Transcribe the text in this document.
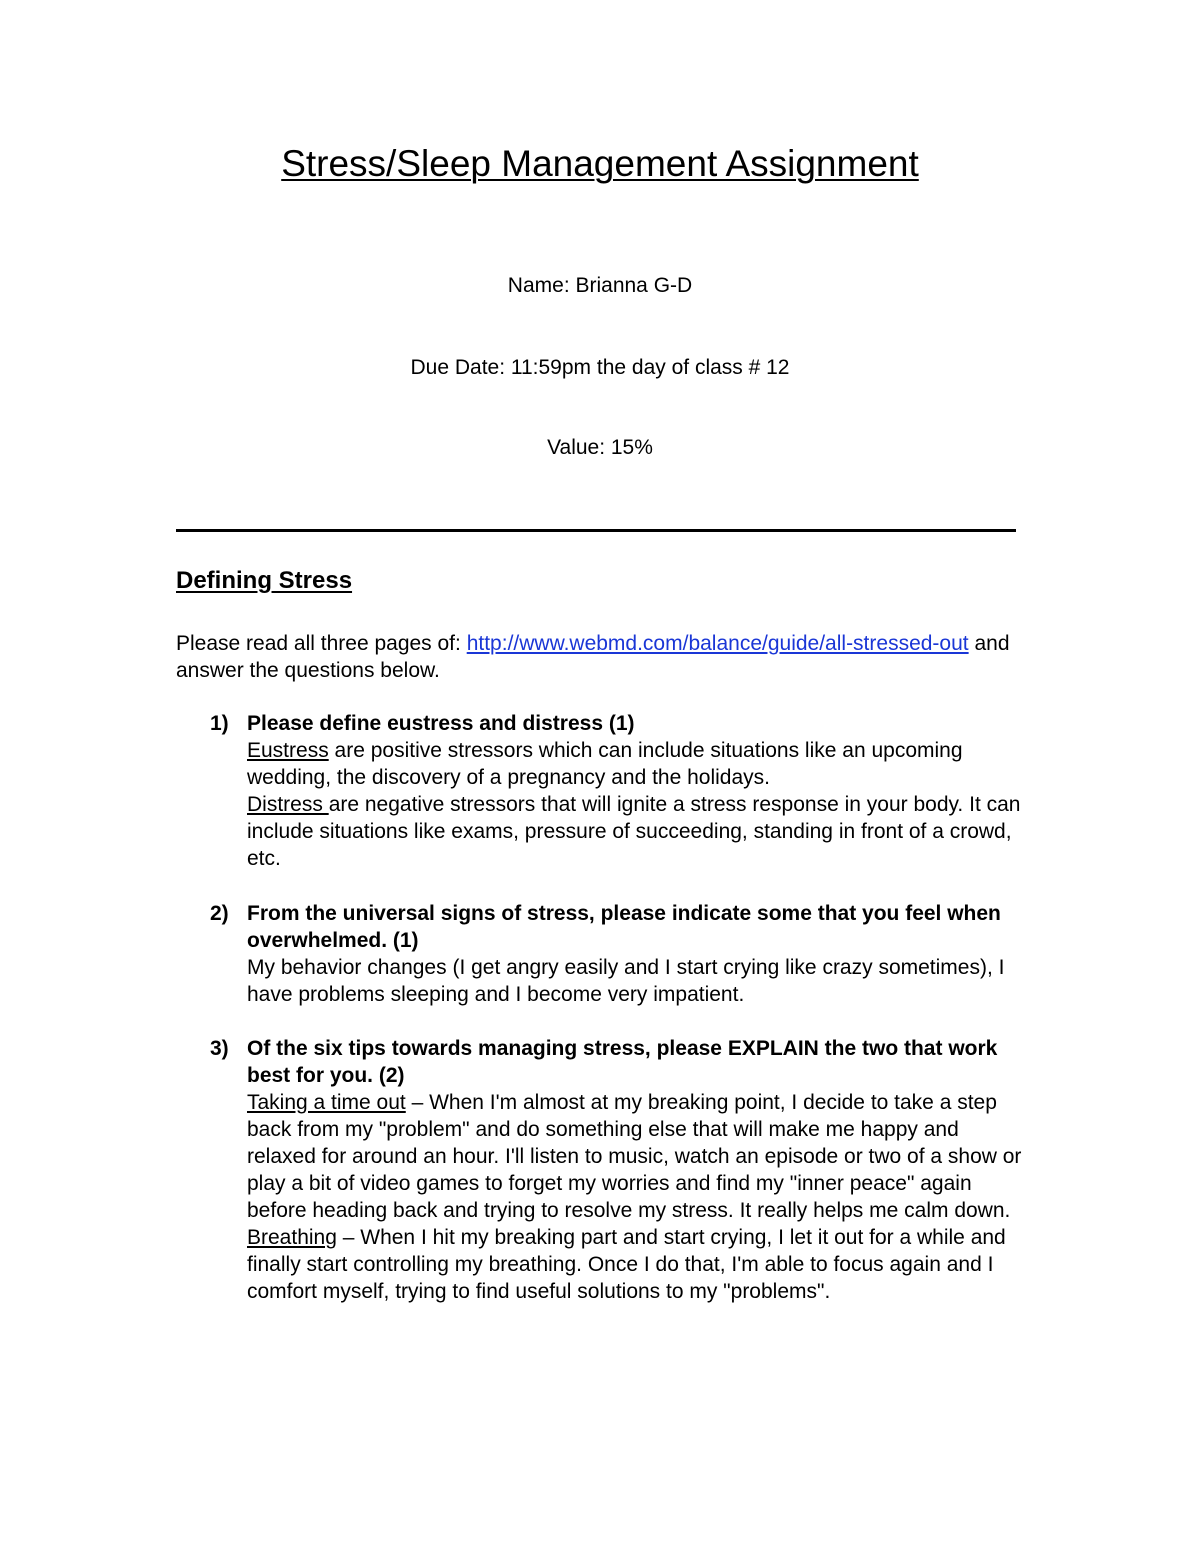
Stress/Sleep Management Assignment
Name: Brianna G-D
Due Date: 11:59pm the day of class # 12
Value: 15%
Defining Stress

Please read all three pages of: http://www.webmd.com/balance/guide/all-stressed-out and answer the questions below.

1) Please define eustress and distress (1)
Eustress are positive stressors which can include situations like an upcoming wedding, the discovery of a pregnancy and the holidays.
Distress are negative stressors that will ignite a stress response in your body. It can include situations like exams, pressure of succeeding, standing in front of a crowd, etc.
2) From the universal signs of stress, please indicate some that you feel when overwhelmed. (1)
My behavior changes (I get angry easily and I start crying like crazy sometimes), I have problems sleeping and I become very impatient.
3) Of the six tips towards managing stress, please EXPLAIN the two that work best for you. (2)
Taking a time out – When I'm almost at my breaking point, I decide to take a step back from my "problem" and do something else that will make me happy and relaxed for around an hour. I'll listen to music, watch an episode or two of a show or play a bit of video games to forget my worries and find my "inner peace" again before heading back and trying to resolve my stress. It really helps me calm down.
Breathing – When I hit my breaking part and start crying, I let it out for a while and finally start controlling my breathing. Once I do that, I'm able to focus again and I comfort myself, trying to find useful solutions to my "problems".
